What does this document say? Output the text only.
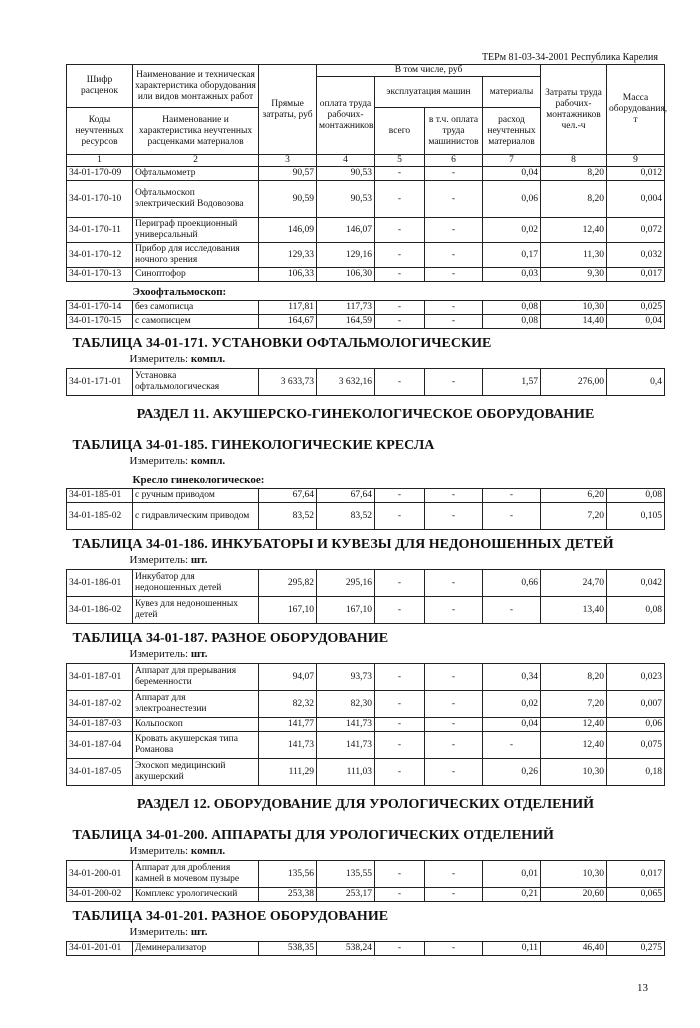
ТЕРм 81-03-34-2001 Республика Карелия
Шифр расценок	Наименование и техническая характеристика оборудования или видов монтажных работ	Прямые затраты, руб	В том числе, руб				Затраты труда рабочих-монтажников чел.-ч	Масса оборудования, т
			оплата труда рабочих-монтажников	эксплуатация машин		материалы		
Коды неучтенных ресурсов	Наименование и характеристика неучтенных расценками материалов			всего	в т.ч. оплата труда машинистов	расход неучтенных материалов		

1	2	3	4	5	6	7	8	9
34-01-170-09	Офтальмометр	90,57	90,53	-	-	0,04	8,20	0,012
34-01-170-10	Офтальмоскоп электрический Водовозова	90,59	90,53	-	-	0,06	8,20	0,004
34-01-170-11	Периграф проекционный универсальный	146,09	146,07	-	-	0,02	12,40	0,072
34-01-170-12	Прибор для исследования ночного зрения	129,33	129,16	-	-	0,17	11,30	0,032
34-01-170-13	Синоптофор	106,33	106,30	-	-	0,03	9,30	0,017
Эхоофтальмоскоп:								
34-01-170-14	без самописца	117,81	117,73	-	-	0,08	10,30	0,025
34-01-170-15	с самописцем	164,67	164,59	-	-	0,08	14,40	0,04
ТАБЛИЦА 34-01-171. УСТАНОВКИ ОФТАЛЬМОЛОГИЧЕСКИЕ								
Измеритель: компл.								
34-01-171-01	Установка офтальмологическая	3 633,73	3 632,16	-	-	1,57	276,00	0,4
РАЗДЕЛ 11. АКУШЕРСКО-ГИНЕКОЛОГИЧЕСКОЕ ОБОРУДОВАНИЕ								
ТАБЛИЦА 34-01-185. ГИНЕКОЛОГИЧЕСКИЕ КРЕСЛА								
Измеритель: компл.								
Кресло гинекологическое:								
34-01-185-01	с ручным приводом	67,64	67,64	-	-	-	6,20	0,08
34-01-185-02	с гидравлическим приводом	83,52	83,52	-	-	-	7,20	0,105
ТАБЛИЦА 34-01-186. ИНКУБАТОРЫ И КУВЕЗЫ ДЛЯ НЕДОНОШЕННЫХ ДЕТЕЙ								
Измеритель: шт.								
34-01-186-01	Инкубатор для недоношенных детей	295,82	295,16	-	-	0,66	24,70	0,042
34-01-186-02	Кувез для недоношенных детей	167,10	167,10	-	-	-	13,40	0,08
ТАБЛИЦА 34-01-187. РАЗНОЕ ОБОРУДОВАНИЕ								
Измеритель: шт.								
34-01-187-01	Аппарат для прерывания беременности	94,07	93,73	-	-	0,34	8,20	0,023
34-01-187-02	Аппарат для электроанестезии	82,32	82,30	-	-	0,02	7,20	0,007
34-01-187-03	Кольпоскоп	141,77	141,73	-	-	0,04	12,40	0,06
34-01-187-04	Кровать акушерская типа Романова	141,73	141,73	-	-	-	12,40	0,075
34-01-187-05	Эхоскоп медицинский акушерский	111,29	111,03	-	-	0,26	10,30	0,18
РАЗДЕЛ 12. ОБОРУДОВАНИЕ ДЛЯ УРОЛОГИЧЕСКИХ ОТДЕЛЕНИЙ								
ТАБЛИЦА 34-01-200. АППАРАТЫ ДЛЯ УРОЛОГИЧЕСКИХ ОТДЕЛЕНИЙ								
Измеритель: компл.								
34-01-200-01	Аппарат для дробления камней в мочевом пузыре	135,56	135,55	-	-	0,01	10,30	0,017
34-01-200-02	Комплекс урологический	253,38	253,17	-	-	0,21	20,60	0,065
ТАБЛИЦА 34-01-201. РАЗНОЕ ОБОРУДОВАНИЕ								
Измеритель: шт.								
34-01-201-01	Деминерализатор	538,35	538,24	-	-	0,11	46,40	0,275
13
